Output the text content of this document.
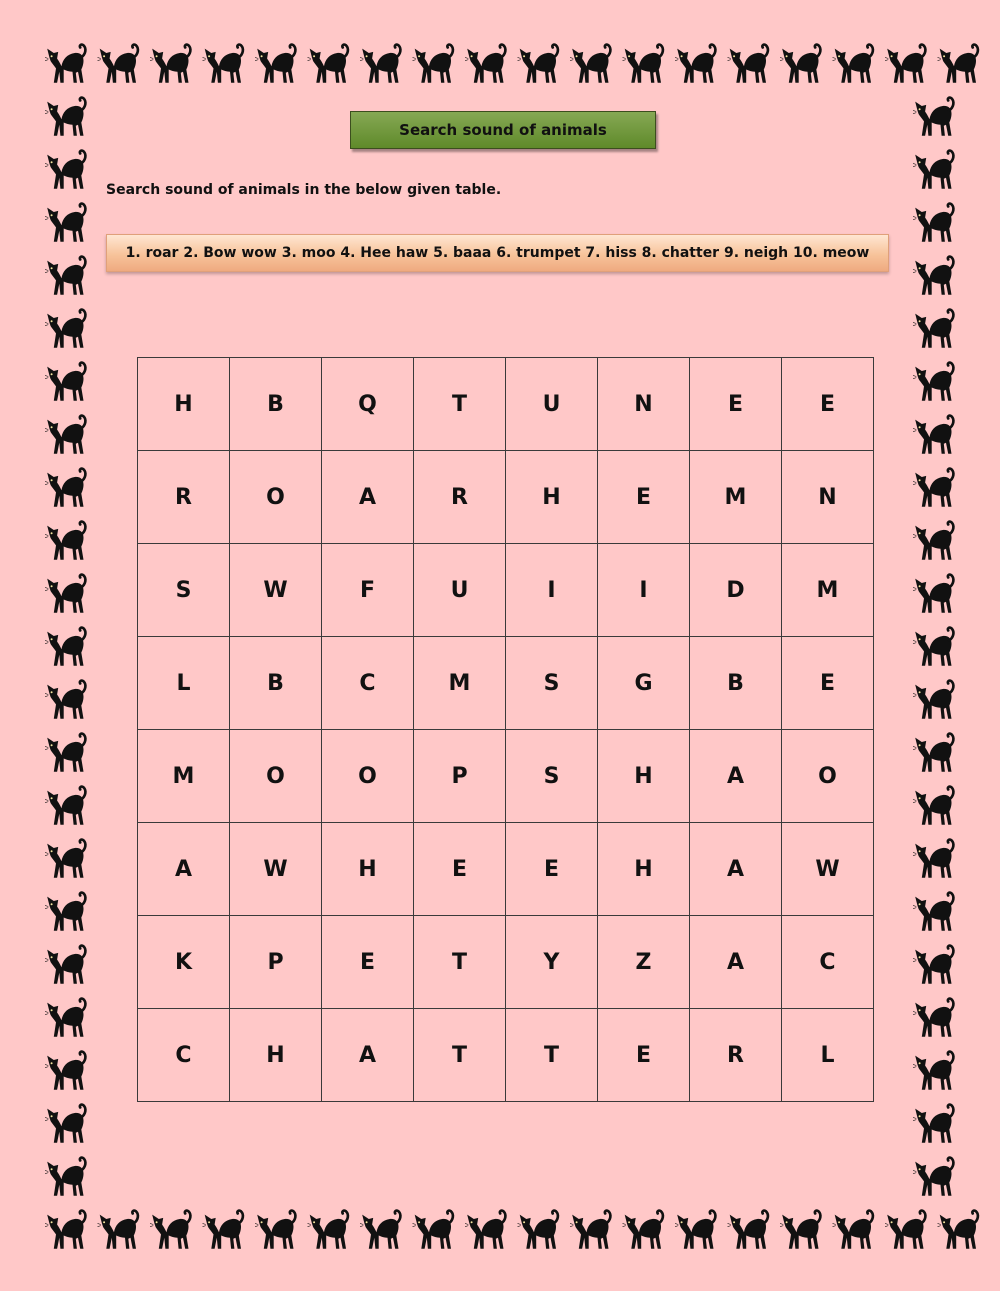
Search sound of animals
Search sound of animals in the below given table.
1. roar 2. Bow wow 3. moo 4. Hee haw 5. baaa 6. trumpet 7. hiss 8. chatter 9. neigh 10. meow
H	B	Q	T	U	N	E	E
R	O	A	R	H	E	M	N
S	W	F	U	I	I	D	M
L	B	C	M	S	G	B	E
M	O	O	P	S	H	A	O
A	W	H	E	E	H	A	W
K	P	E	T	Y	Z	A	C
C	H	A	T	T	E	R	L
